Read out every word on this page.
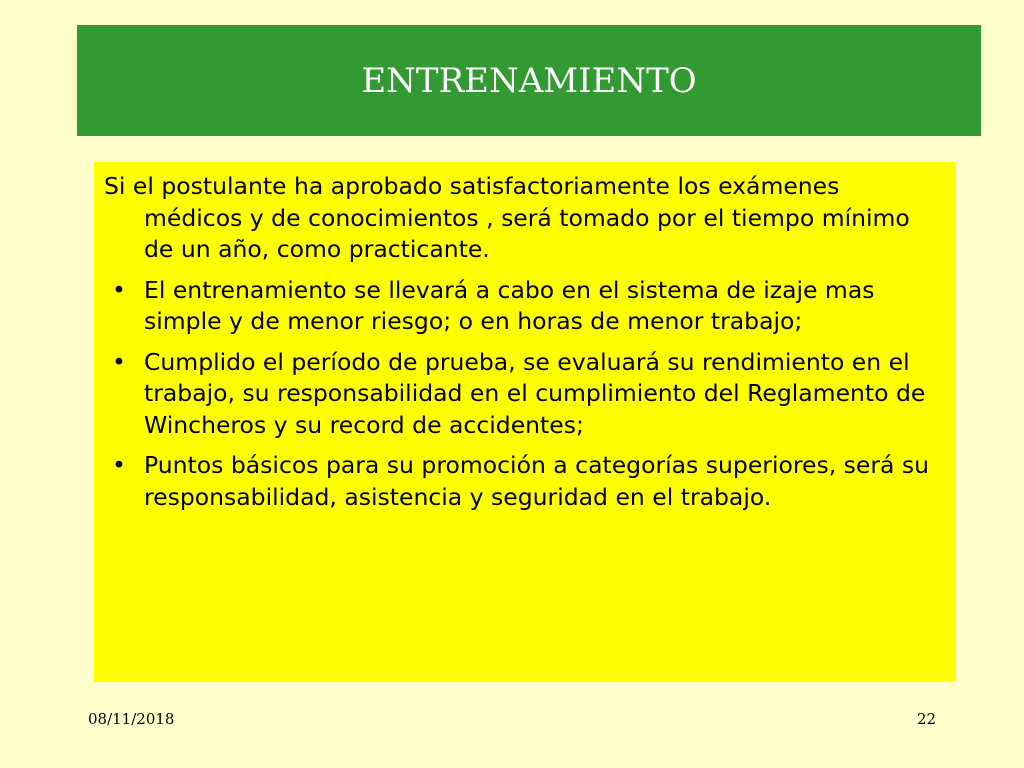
ENTRENAMIENTO

Si el postulante ha aprobado satisfactoriamente los exámenes médicos y de conocimientos , será tomado por el tiempo mínimo de un año, como practicante.

• El entrenamiento se llevará a cabo en el sistema de izaje mas simple y de menor riesgo; o en horas de menor trabajo;

• Cumplido el período de prueba, se evaluará su rendimiento en el trabajo, su responsabilidad en el cumplimiento del Reglamento de Wincheros y su record de accidentes;

• Puntos básicos para su promoción a categorías superiores, será su responsabilidad, asistencia y seguridad en el trabajo.

08/11/2018	22
